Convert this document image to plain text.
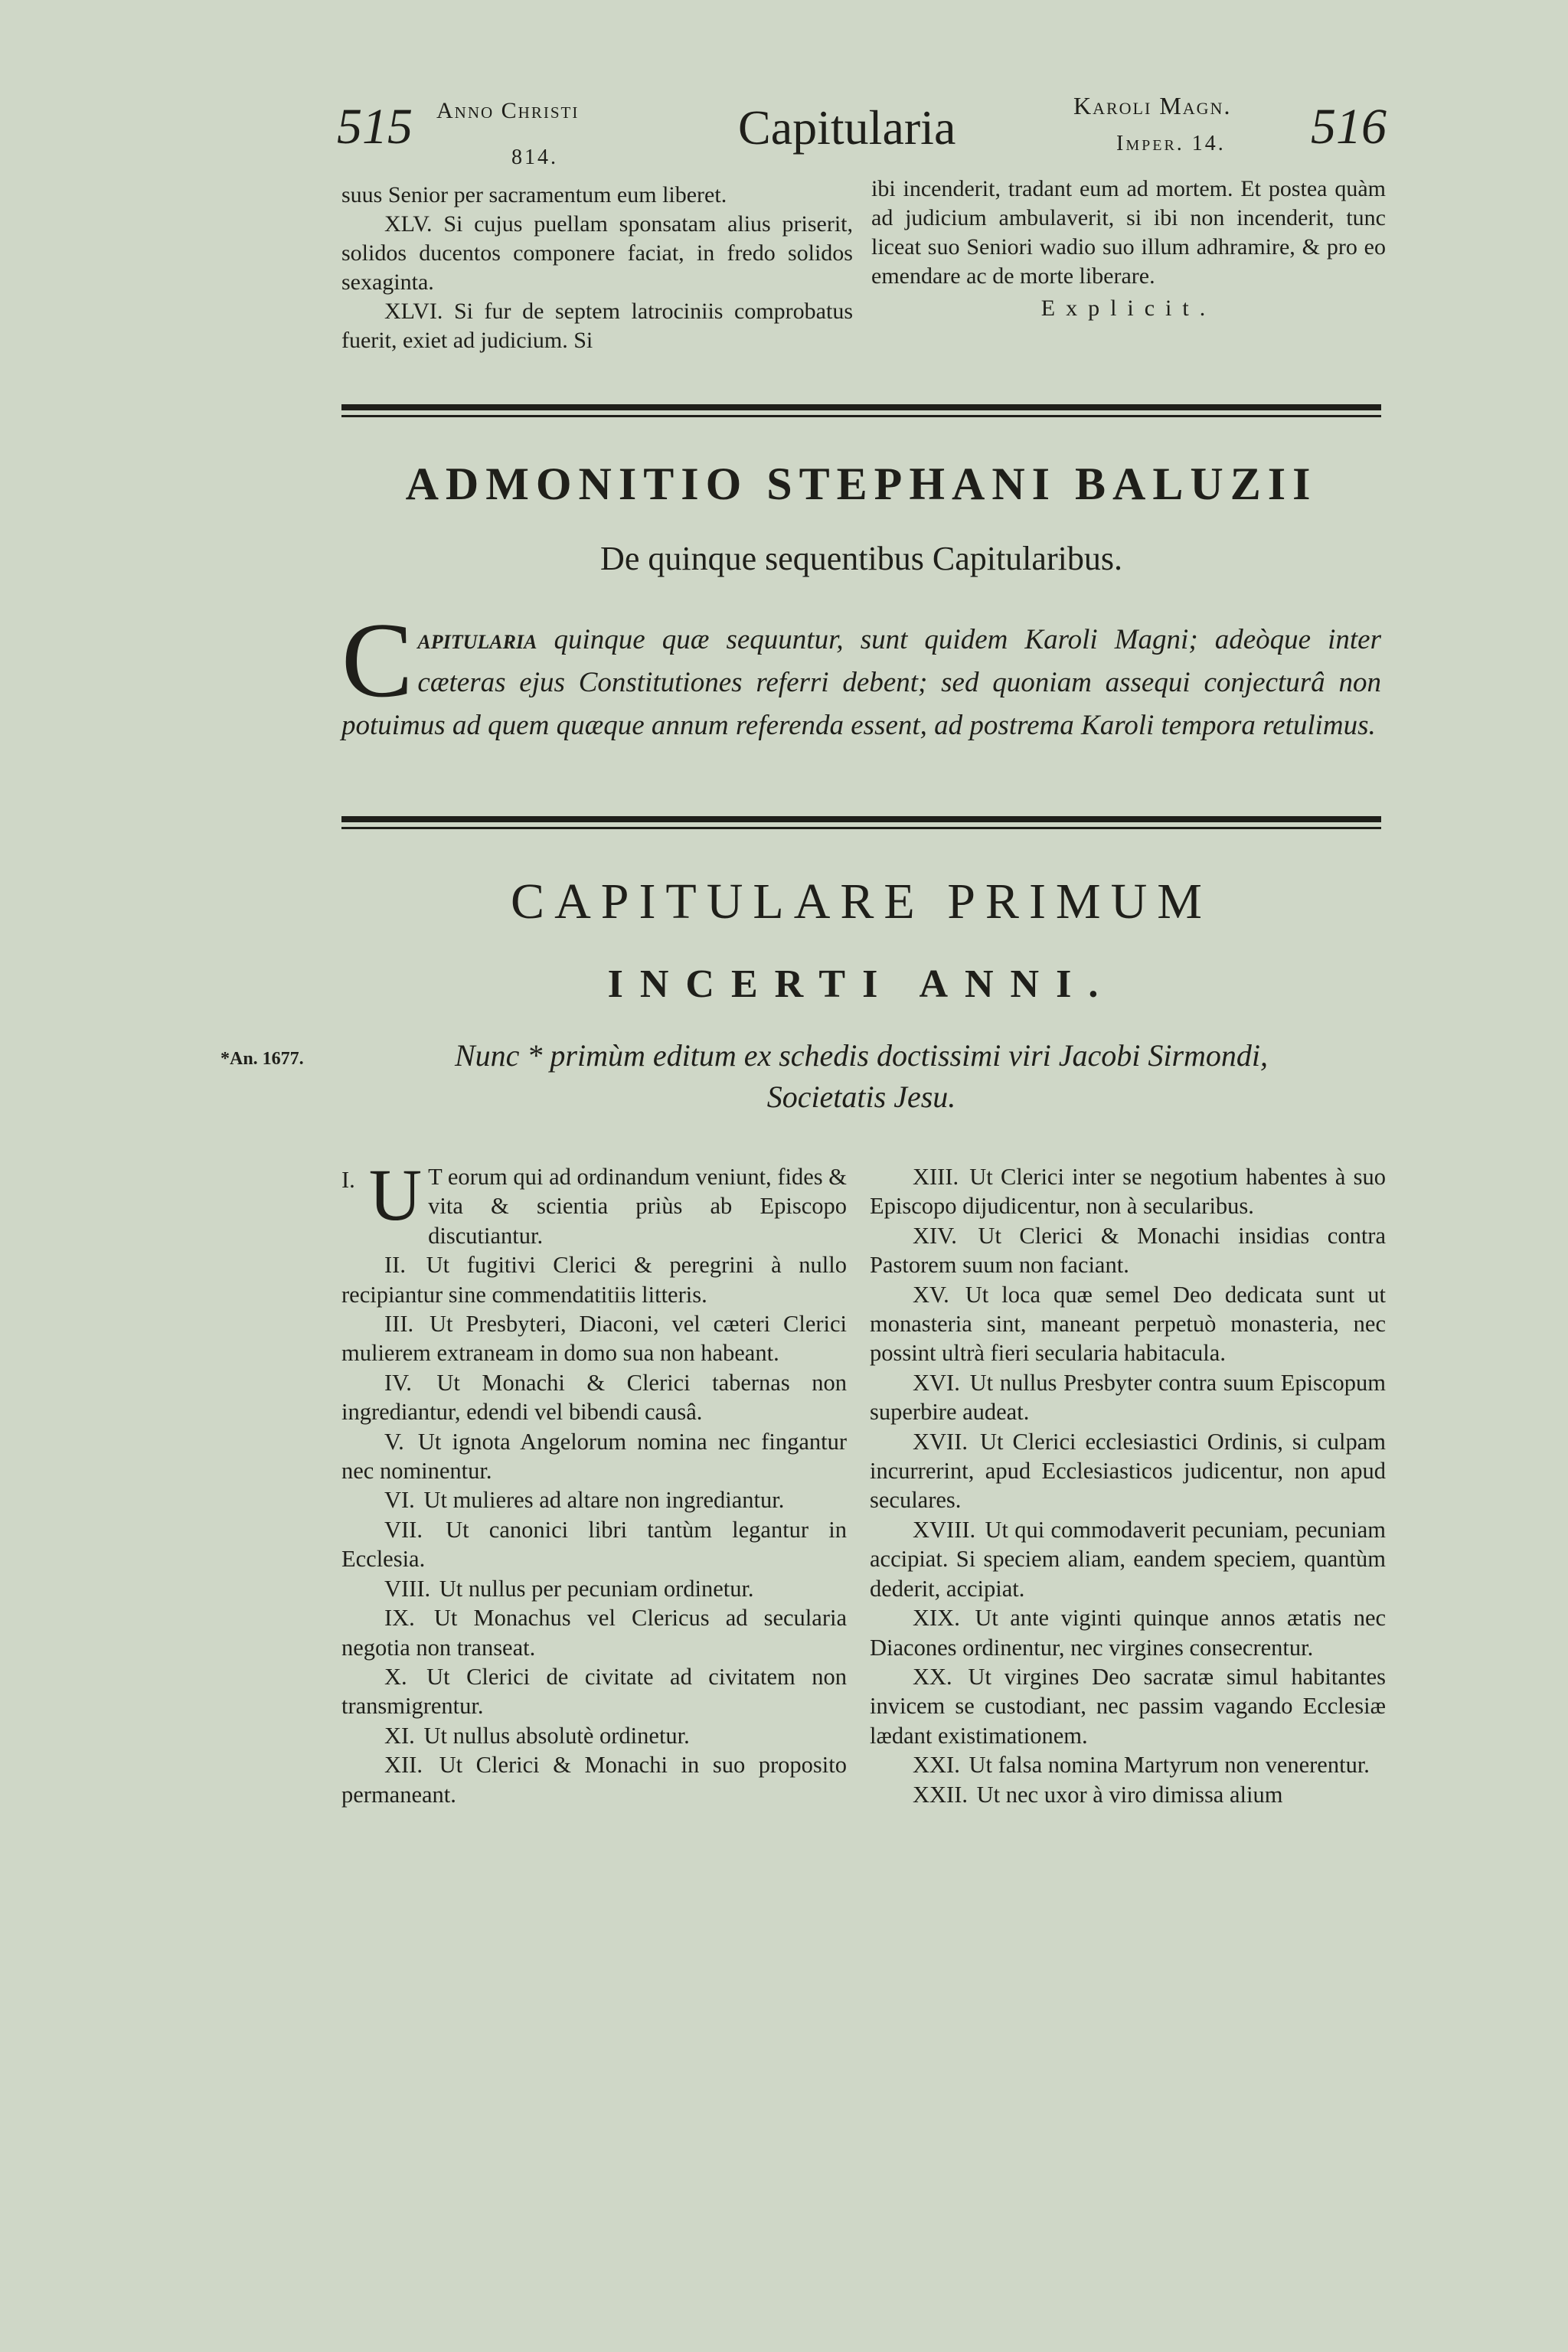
515 Anno Christi
814.
Capitularia	Karoli Magn.
Imper. 14. 516

suus Senior per sacramentum eum liberet.

XLV. Si cujus puellam sponsatam alius priserit, solidos ducentos componere faciat, in fredo solidos sexaginta.

XLVI. Si fur de septem latrociniis comprobatus fuerit, exiet ad judicium. Si

ibi incenderit, tradant eum ad mortem. Et postea quàm ad judicium ambulaverit, si ibi non incenderit, tunc liceat suo Seniori wadio suo illum adhramire, & pro eo emendare ac de morte liberare.

Explicit.

ADMONITIO STEPHANI BALUZII
De quinque sequentibus Capitularibus.
Capitularia quinque quæ sequuntur, sunt quidem Karoli Magni; adeòque inter cæteras ejus Constitutiones referri debent; sed quoniam assequi conjecturâ non potuimus ad quem quæque annum referenda essent, ad postrema Karoli tempora retulimus.
CAPITULARE PRIMUM
INCERTI ANNI.
*An. 1677.	Nunc * primùm editum ex schedis doctissimi viri Jacobi Sirmondi,
Societatis Jesu.

I. U T eorum qui ad ordinandum veniunt, fides & vita & scientia priùs ab Episcopo discutiantur.

II. Ut fugitivi Clerici & peregrini à nullo recipiantur sine commendatitiis litteris.

III. Ut Presbyteri, Diaconi, vel cæteri Clerici mulierem extraneam in domo sua non habeant.

IV. Ut Monachi & Clerici tabernas non ingrediantur, edendi vel bibendi causâ.

V. Ut ignota Angelorum nomina nec fingantur nec nominentur.

VI. Ut mulieres ad altare non ingrediantur.

VII. Ut canonici libri tantùm legantur in Ecclesia.

VIII. Ut nullus per pecuniam ordinetur.

IX. Ut Monachus vel Clericus ad secularia negotia non transeat.

X. Ut Clerici de civitate ad civitatem non transmigrentur.

XI. Ut nullus absolutè ordinetur.

XII. Ut Clerici & Monachi in suo proposito permaneant.

XIII. Ut Clerici inter se negotium habentes à suo Episcopo dijudicentur, non à secularibus.

XIV. Ut Clerici & Monachi insidias contra Pastorem suum non faciant.

XV. Ut loca quæ semel Deo dedicata sunt ut monasteria sint, maneant perpetuò monasteria, nec possint ultrà fieri secularia habitacula.

XVI. Ut nullus Presbyter contra suum Episcopum superbire audeat.

XVII. Ut Clerici ecclesiastici Ordinis, si culpam incurrerint, apud Ecclesiasticos judicentur, non apud seculares.

XVIII. Ut qui commodaverit pecuniam, pecuniam accipiat. Si speciem aliam, eandem speciem, quantùm dederit, accipiat.

XIX. Ut ante viginti quinque annos ætatis nec Diacones ordinentur, nec virgines consecrentur.

XX. Ut virgines Deo sacratæ simul habitantes invicem se custodiant, nec passim vagando Ecclesiæ lædant existimationem.

XXI. Ut falsa nomina Martyrum non venerentur.

XXII. Ut nec uxor à viro dimissa alium
